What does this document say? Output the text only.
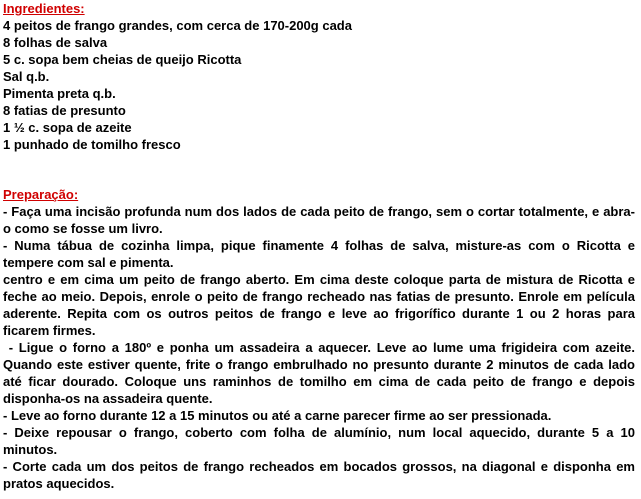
Ingredientes:
4 peitos de frango grandes, com cerca de 170-200g cada
8 folhas de salva
5 c. sopa bem cheias de queijo Ricotta
Sal q.b.
Pimenta preta q.b.
8 fatias de presunto
1 ½ c. sopa de azeite
1 punhado de tomilho fresco
Preparação:
- Faça uma incisão profunda num dos lados de cada peito de frango, sem o cortar totalmente, e abra-o como se fosse um livro.
- Numa tábua de cozinha limpa, pique finamente 4 folhas de salva, misture-as com o Ricotta e tempere com sal e pimenta.
centro e em cima um peito de frango aberto. Em cima deste coloque parta de mistura de Ricotta e feche ao meio. Depois, enrole o peito de frango recheado nas fatias de presunto. Enrole em película aderente. Repita com os outros peitos de frango e leve ao frigorífico durante 1 ou 2 horas para ficarem firmes.
- Ligue o forno a 180º e ponha um assadeira a aquecer. Leve ao lume uma frigideira com azeite. Quando este estiver quente, frite o frango embrulhado no presunto durante 2 minutos de cada lado até ficar dourado. Coloque uns raminhos de tomilho em cima de cada peito de frango e depois disponha-os na assadeira quente.
- Leve ao forno durante 12 a 15 minutos ou até a carne parecer firme ao ser pressionada.
- Deixe repousar o frango, coberto com folha de alumínio, num local aquecido, durante 5 a 10 minutos.
- Corte cada um dos peitos de frango recheados em bocados grossos, na diagonal e disponha em pratos aquecidos.
